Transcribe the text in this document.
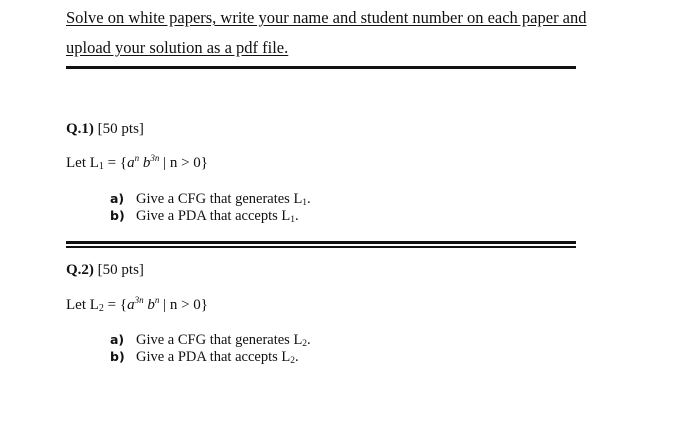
Solve on white papers, write your name and student number on each paper and
upload your solution as a pdf file.
Q.1) [50 pts]
Let $L_1 = \{a^n$ $b^{3n}$ | n > 0}
a) Give a CFG that generates $L_1$.
b) Give a PDA that accepts $L_1$.
Q.2) [50 pts]
Let $L_2 = \{a^{3n}$ $b^n$ | n > 0}
a) Give a CFG that generates $L_2$.
b) Give a PDA that accepts $L_2$.
